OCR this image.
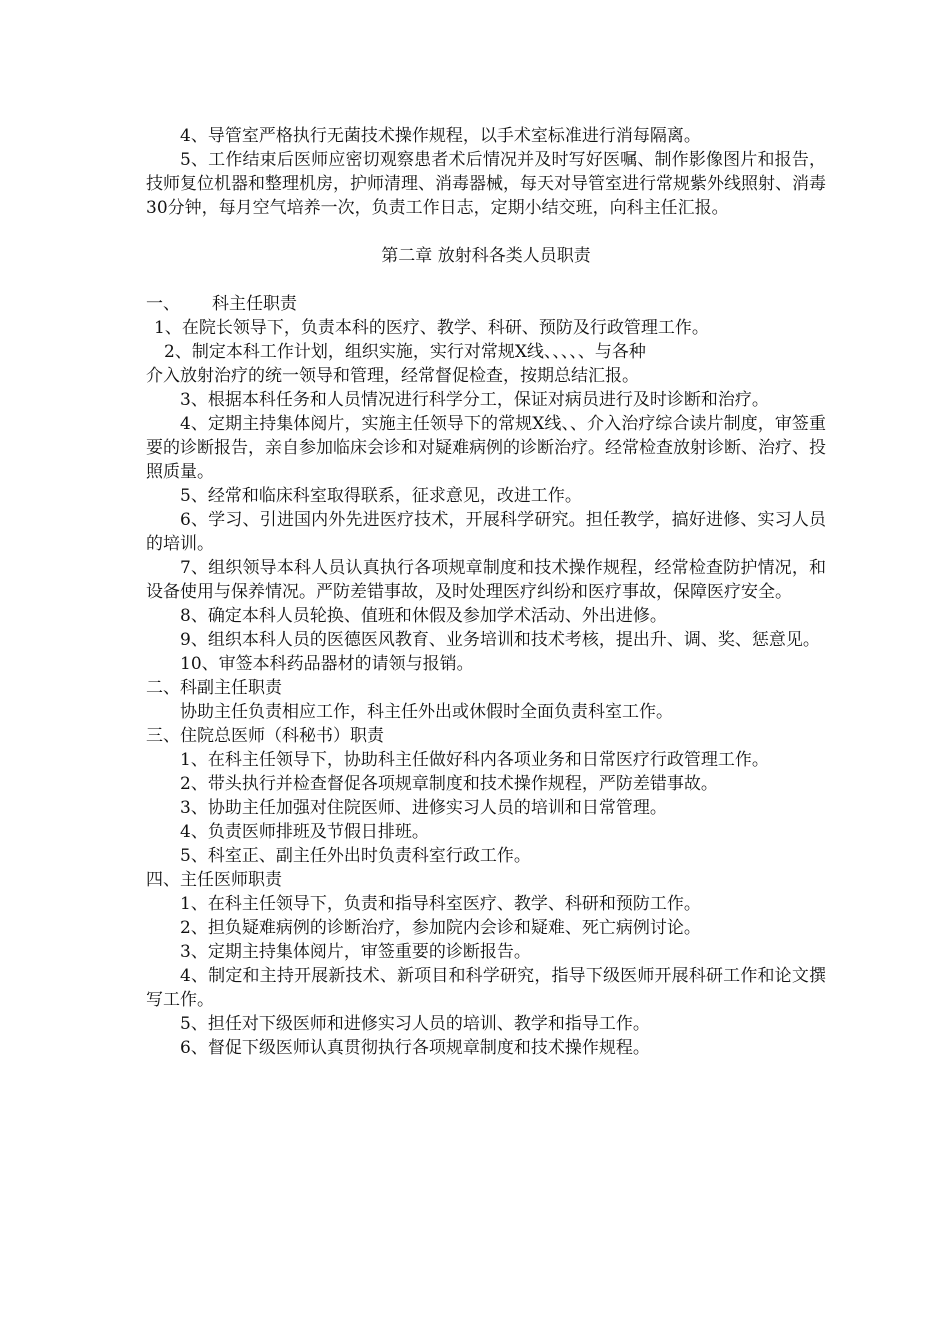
4、导管室严格执行无菌技术操作规程，以手术室标准进行消每隔离。

5、工作结束后医师应密切观察患者术后情况并及时写好医嘱、制作影像图片和报告，技师复位机器和整理机房，护师清理、消毒器械，每天对导管室进行常规紫外线照射、消毒30分钟，每月空气培养一次，负责工作日志，定期小结交班，向科主任汇报。

第二章 放射科各类人员职责

一、 科主任职责

1、在院长领导下，负责本科的医疗、教学、科研、预防及行政管理工作。

2、制定本科工作计划，组织实施，实行对常规X线、、、、、与各种

介入放射治疗的统一领导和管理，经常督促检查，按期总结汇报。

3、根据本科任务和人员情况进行科学分工，保证对病员进行及时诊断和治疗。

4、定期主持集体阅片，实施主任领导下的常规X线、、介入治疗综合读片制度，审签重要的诊断报告，亲自参加临床会诊和对疑难病例的诊断治疗。经常检查放射诊断、治疗、投照质量。

5、经常和临床科室取得联系，征求意见，改进工作。

6、学习、引进国内外先进医疗技术，开展科学研究。担任教学，搞好进修、实习人员的培训。

7、组织领导本科人员认真执行各项规章制度和技术操作规程，经常检查防护情况，和设备使用与保养情况。严防差错事故，及时处理医疗纠纷和医疗事故，保障医疗安全。

8、确定本科人员轮换、值班和休假及参加学术活动、外出进修。

9、组织本科人员的医德医风教育、业务培训和技术考核，提出升、调、奖、惩意见。

10、审签本科药品器材的请领与报销。

二、科副主任职责

协助主任负责相应工作，科主任外出或休假时全面负责科室工作。

三、住院总医师（科秘书）职责

1、在科主任领导下，协助科主任做好科内各项业务和日常医疗行政管理工作。

2、带头执行并检查督促各项规章制度和技术操作规程，严防差错事故。

3、协助主任加强对住院医师、进修实习人员的培训和日常管理。

4、负责医师排班及节假日排班。

5、科室正、副主任外出时负责科室行政工作。

四、主任医师职责

1、在科主任领导下，负责和指导科室医疗、教学、科研和预防工作。

2、担负疑难病例的诊断治疗，参加院内会诊和疑难、死亡病例讨论。

3、定期主持集体阅片，审签重要的诊断报告。

4、制定和主持开展新技术、新项目和科学研究，指导下级医师开展科研工作和论文撰写工作。

5、担任对下级医师和进修实习人员的培训、教学和指导工作。

6、督促下级医师认真贯彻执行各项规章制度和技术操作规程。
